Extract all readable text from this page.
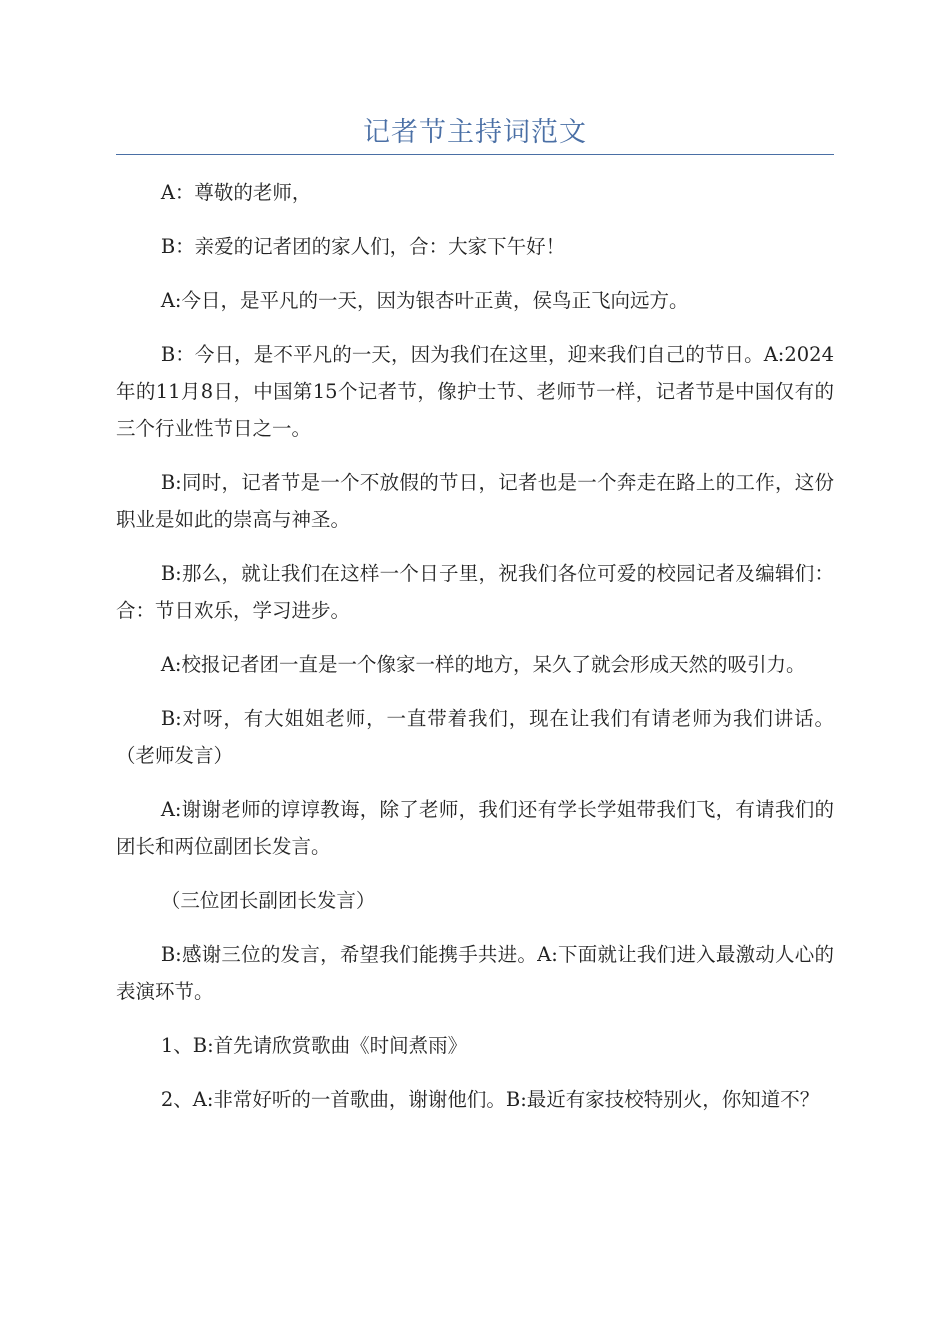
记者节主持词范文

A：尊敬的老师，

B：亲爱的记者团的家人们，合：大家下午好！

A:今日，是平凡的一天，因为银杏叶正黄，侯鸟正飞向远方。

B：今日，是不平凡的一天，因为我们在这里，迎来我们自己的节日。A:2024年的11月8日，中国第15个记者节，像护士节、老师节一样，记者节是中国仅有的三个行业性节日之一。

B:同时，记者节是一个不放假的节日，记者也是一个奔走在路上的工作，这份职业是如此的崇高与神圣。

B:那么，就让我们在这样一个日子里，祝我们各位可爱的校园记者及编辑们：合：节日欢乐，学习进步。

A:校报记者团一直是一个像家一样的地方，呆久了就会形成天然的吸引力。

B:对呀，有大姐姐老师，一直带着我们，现在让我们有请老师为我们讲话。（老师发言）

A:谢谢老师的谆谆教诲，除了老师，我们还有学长学姐带我们飞，有请我们的团长和两位副团长发言。

（三位团长副团长发言）

B:感谢三位的发言，希望我们能携手共进。A:下面就让我们进入最激动人心的表演环节。

1、B:首先请欣赏歌曲《时间煮雨》

2、A:非常好听的一首歌曲，谢谢他们。B:最近有家技校特别火，你知道不？
